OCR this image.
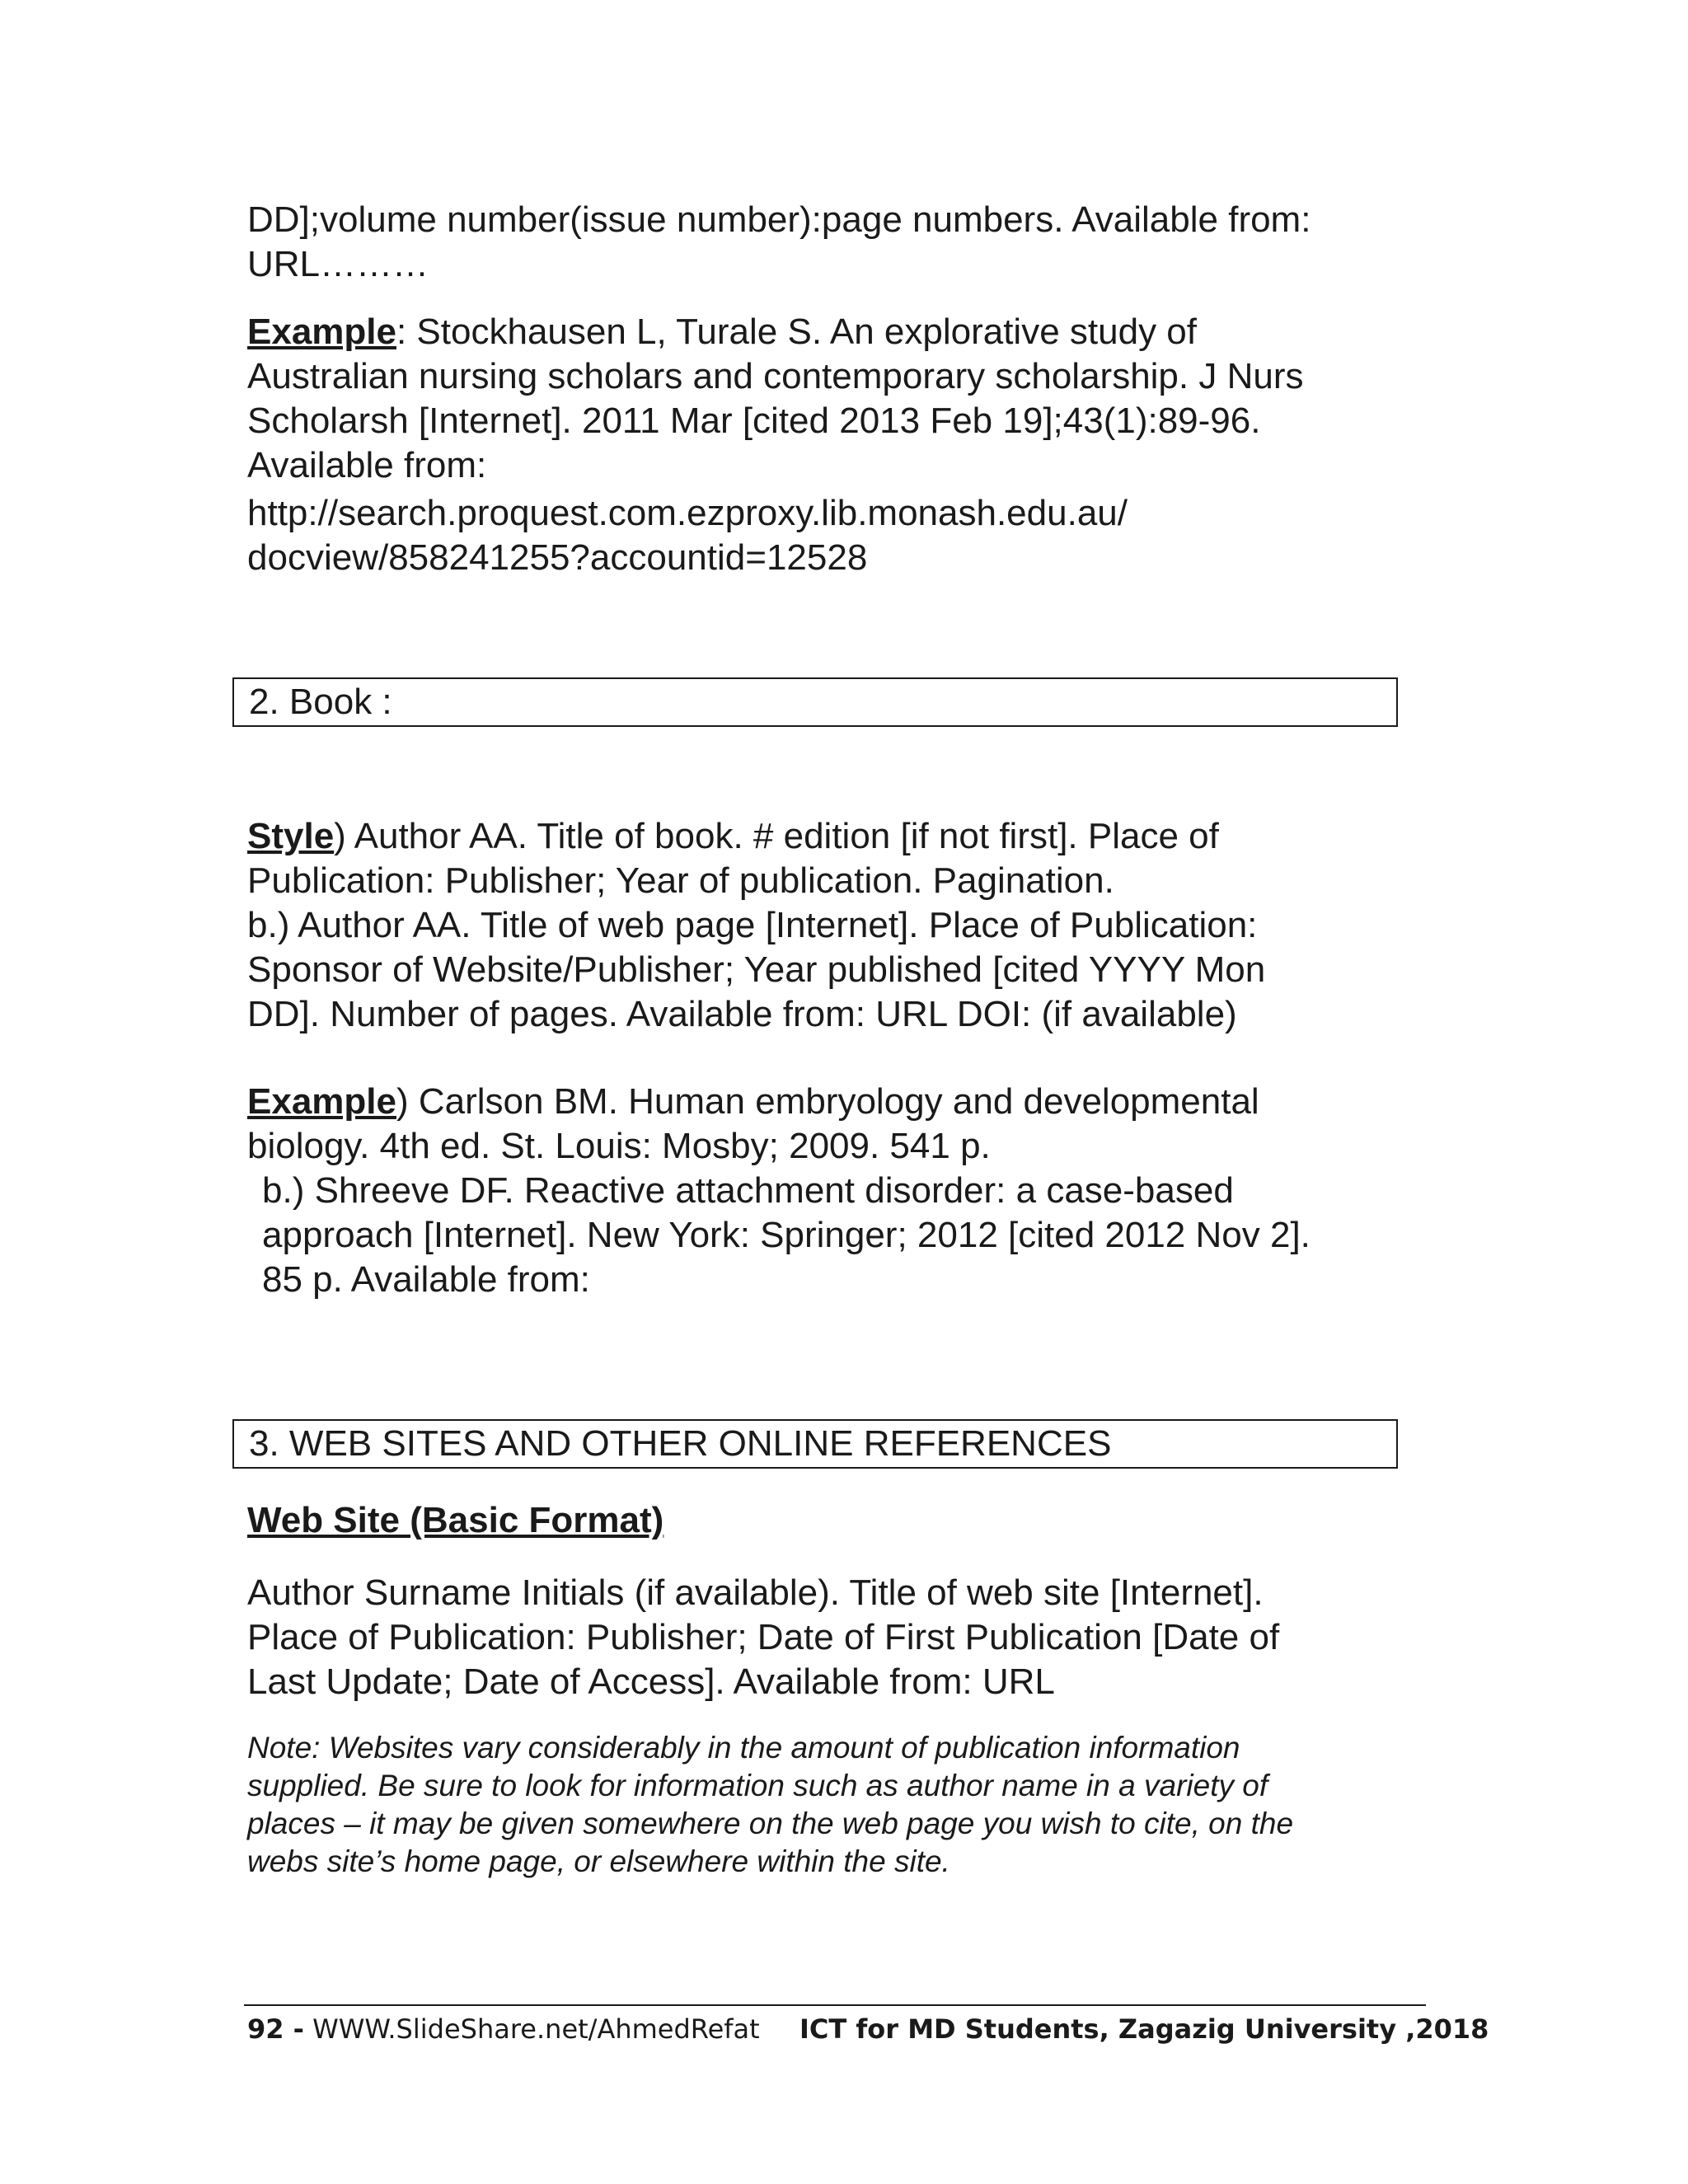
DD];volume number(issue number):page numbers. Available from:
URL………
Example: Stockhausen L, Turale S. An explorative study of
Australian nursing scholars and contemporary scholarship. J Nurs
Scholarsh [Internet]. 2011 Mar [cited 2013 Feb 19];43(1):89-96.
Available from:
http://search.proquest.com.ezproxy.lib.monash.edu.au/
docview/858241255?accountid=12528
2. Book :
Style) Author AA. Title of book. # edition [if not first]. Place of
Publication: Publisher; Year of publication. Pagination.
b.) Author AA. Title of web page [Internet]. Place of Publication:
Sponsor of Website/Publisher; Year published [cited YYYY Mon
DD]. Number of pages. Available from: URL DOI: (if available)
Example) Carlson BM. Human embryology and developmental
biology. 4th ed. St. Louis: Mosby; 2009. 541 p.
b.) Shreeve DF. Reactive attachment disorder: a case-based
approach [Internet]. New York: Springer; 2012 [cited 2012 Nov 2].
85 p. Available from:
3. WEB SITES AND OTHER ONLINE REFERENCES
Web Site (Basic Format)
Author Surname Initials (if available). Title of web site [Internet].
Place of Publication: Publisher; Date of First Publication [Date of
Last Update; Date of Access]. Available from: URL
Note: Websites vary considerably in the amount of publication information
supplied. Be sure to look for information such as author name in a variety of
places – it may be given somewhere on the web page you wish to cite, on the
webs site’s home page, or elsewhere within the site.
92 - WWW.SlideShare.net/AhmedRefat ICT for MD Students, Zagazig University ,2018
